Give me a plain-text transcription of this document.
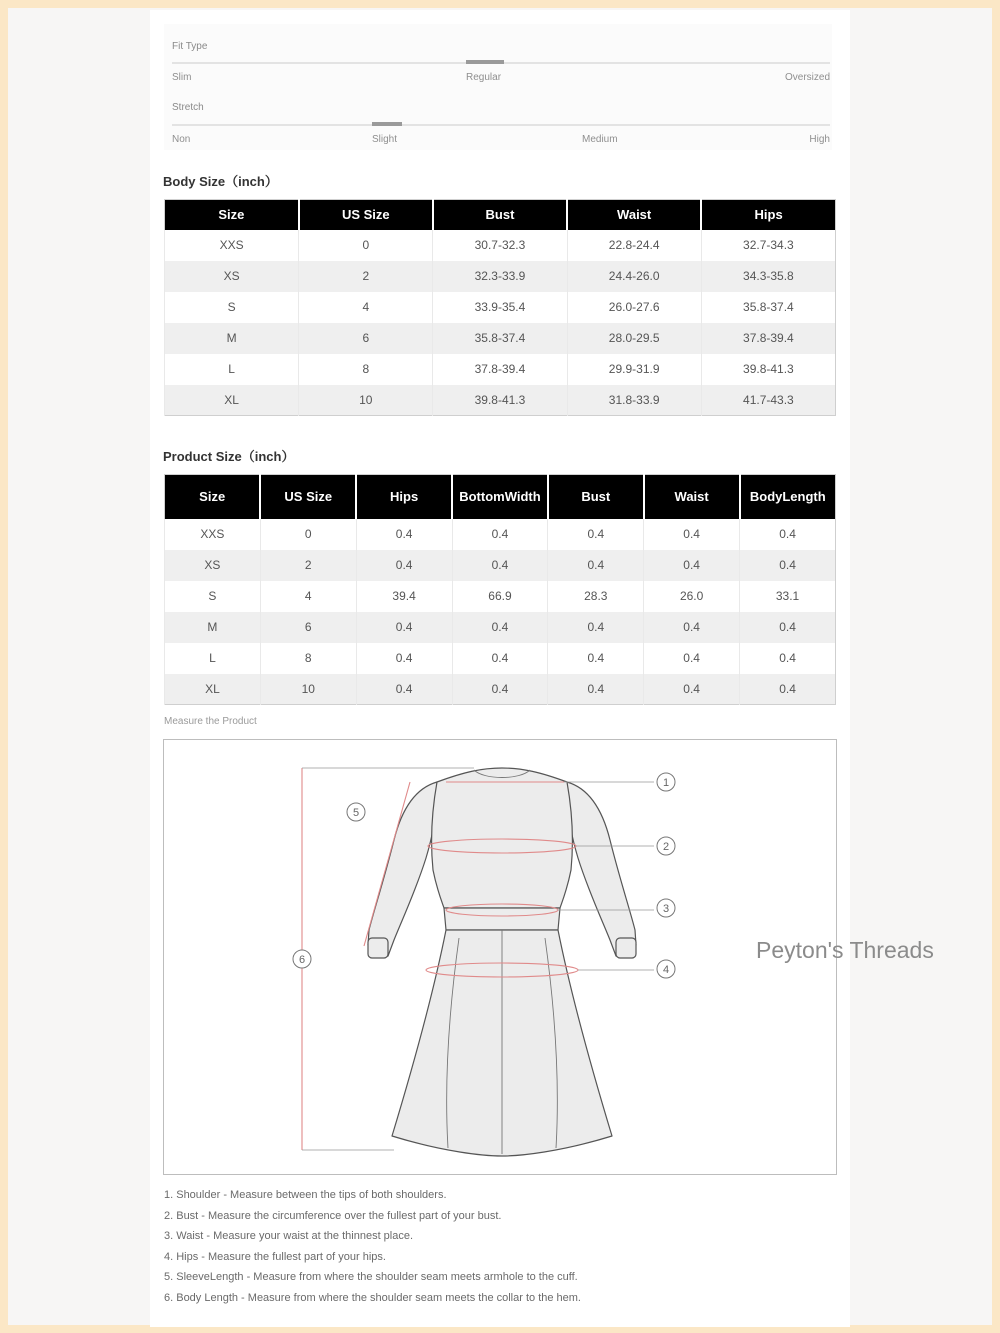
Fit Type
Slim	Regular	Oversized
Stretch
Non	Slight	Medium	High
Body Size（inch）
Size	US Size	Bust	Waist	Hips
XXS	0	30.7-32.3	22.8-24.4	32.7-34.3
XS	2	32.3-33.9	24.4-26.0	34.3-35.8
S	4	33.9-35.4	26.0-27.6	35.8-37.4
M	6	35.8-37.4	28.0-29.5	37.8-39.4
L	8	37.8-39.4	29.9-31.9	39.8-41.3
XL	10	39.8-41.3	31.8-33.9	41.7-43.3
Product Size（inch）
Size	US Size	Hips	BottomWidth	Bust	Waist	BodyLength
XXS	0	0.4	0.4	0.4	0.4	0.4
XS	2	0.4	0.4	0.4	0.4	0.4
S	4	39.4	66.9	28.3	26.0	33.1
M	6	0.4	0.4	0.4	0.4	0.4
L	8	0.4	0.4	0.4	0.4	0.4
XL	10	0.4	0.4	0.4	0.4	0.4
Measure the Product
1
2
3
4
5
6
1. Shoulder - Measure between the tips of both shoulders.
2. Bust - Measure the circumference over the fullest part of your bust.
3. Waist - Measure your waist at the thinnest place.
4. Hips - Measure the fullest part of your hips.
5. SleeveLength - Measure from where the shoulder seam meets armhole to the cuff.
6. Body Length - Measure from where the shoulder seam meets the collar to the hem.
Peyton's Threads
